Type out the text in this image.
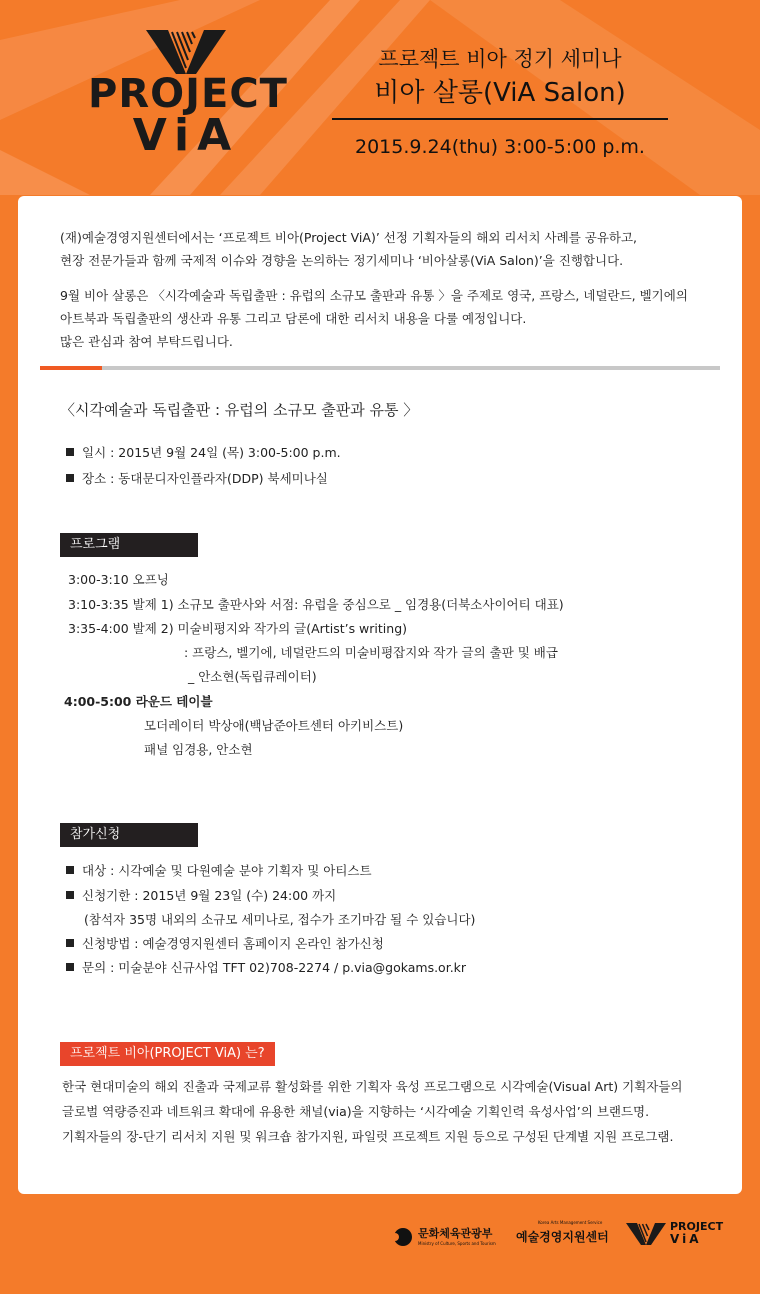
PROJECT
ViA
프로젝트 비아 정기 세미나
비아 살롱(ViA Salon)
2015.9.24(thu) 3:00-5:00 p.m.
(재)예술경영지원센터에서는 ‘프로젝트 비아(Project ViA)’ 선정 기획자들의 해외 리서치 사례를 공유하고,
현장 전문가들과 함께 국제적 이슈와 경향을 논의하는 정기세미나 ‘비아살롱(ViA Salon)’을 진행합니다.
9월 비아 살롱은 〈시각예술과 독립출판 : 유럽의 소규모 출판과 유통 〉을 주제로 영국, 프랑스, 네덜란드, 벨기에의
아트북과 독립출판의 생산과 유통 그리고 담론에 대한 리서치 내용을 다룰 예정입니다.
많은 관심과 참여 부탁드립니다.
〈시각예술과 독립출판 : 유럽의 소규모 출판과 유통 〉
일시 : 2015년 9월 24일 (목) 3:00-5:00 p.m.
장소 : 동대문디자인플라자(DDP) 북세미나실
프로그램
3:00-3:10 오프닝
3:10-3:35 발제 1) 소규모 출판사와 서점: 유럽을 중심으로 _ 임경용(더북소사이어티 대표)
3:35-4:00 발제 2) 미술비평지와 작가의 글(Artist’s writing)
: 프랑스, 벨기에, 네덜란드의 미술비평잡지와 작가 글의 출판 및 배급
_ 안소현(독립큐레이터)
4:00-5:00 라운드 테이블
모더레이터 박상애(백남준아트센터 아키비스트)
패널 임경용, 안소현
참가신청
대상 : 시각예술 및 다원예술 분야 기획자 및 아티스트
신청기한 : 2015년 9월 23일 (수) 24:00 까지
(참석자 35명 내외의 소규모 세미나로, 접수가 조기마감 될 수 있습니다)
신청방법 : 예술경영지원센터 홈페이지 온라인 참가신청
문의 : 미술분야 신규사업 TFT 02)708-2274 / p.via@gokams.or.kr
프로젝트 비아(PROJECT ViA) 는?
한국 현대미술의 해외 진출과 국제교류 활성화를 위한 기획자 육성 프로그램으로 시각예술(Visual Art) 기획자들의
글로벌 역량증진과 네트워크 확대에 유용한 채널(via)을 지향하는 ‘시각예술 기획인력 육성사업’의 브랜드명.
기획자들의 장-단기 리서치 지원 및 워크숍 참가지원, 파일럿 프로젝트 지원 등으로 구성된 단계별 지원 프로그램.
문화체육관광부
Ministry of Culture, Sports and Tourism
Korea Arts Management Service
예술경영지원센터
PROJECT
ViA
